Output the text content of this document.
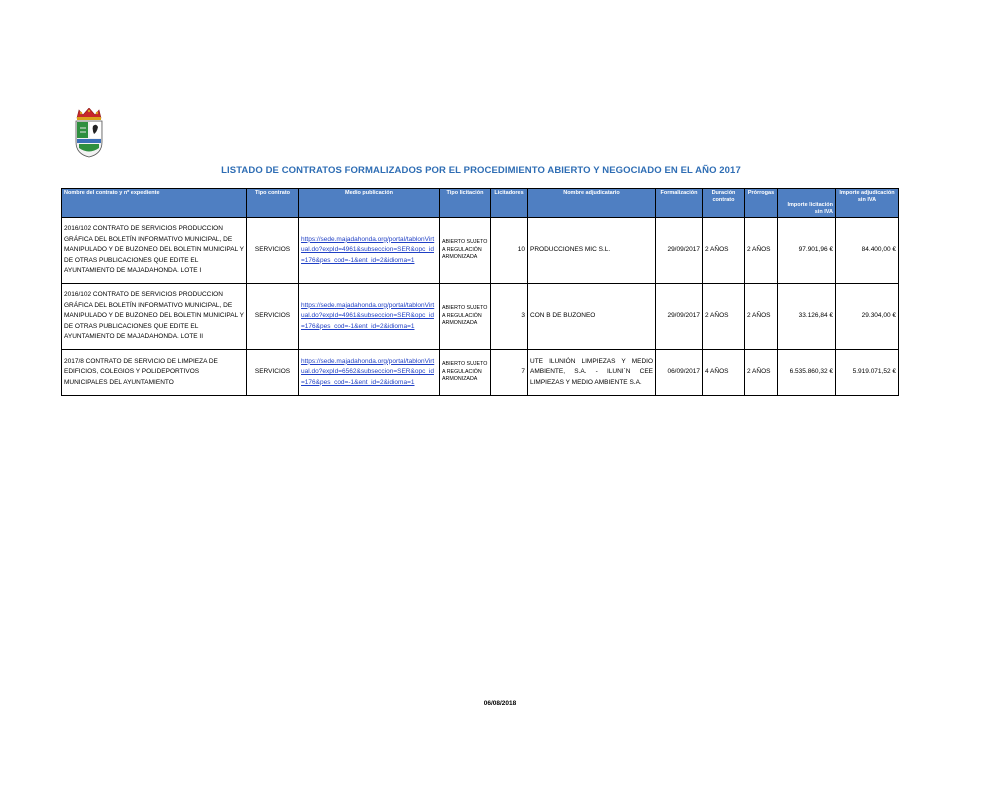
LISTADO DE CONTRATOS FORMALIZADOS POR EL PROCEDIMIENTO ABIERTO Y NEGOCIADO EN EL AÑO 2017
Nombre del contrato y nº expediente	Tipo contrato	Medio publicación	Tipo licitación	Licitadores	Nombre adjudicatario	Formalización	Duración contrato	Prórrogas	Importe licitación sin IVA	Importe adjudicación sin IVA
2016/102 CONTRATO DE SERVICIOS PRODUCCION GRÁFICA DEL BOLETÍN INFORMATIVO MUNICIPAL, DE MANIPULADO Y DE BUZONEO DEL BOLETIN MUNICIPAL Y DE OTRAS PUBLICACIONES QUE EDITE EL AYUNTAMIENTO DE MAJADAHONDA. LOTE I	SERVICIOS	https://sede.majadahonda.org/portal/tablonVirtual.do?expId=4961&subseccion=SER&opc_id=176&pes_cod=-1&ent_id=2&idioma=1	ABIERTO SUJETO A REGULACIÓN ARMONIZADA	10	PRODUCCIONES MIC S.L.	29/09/2017	2 AÑOS	2 AÑOS	97.901,96 €	84.400,00 €
2016/102 CONTRATO DE SERVICIOS PRODUCCION GRÁFICA DEL BOLETÍN INFORMATIVO MUNICIPAL, DE MANIPULADO Y DE BUZONEO DEL BOLETIN MUNICIPAL Y DE OTRAS PUBLICACIONES QUE EDITE EL AYUNTAMIENTO DE MAJADAHONDA. LOTE II	SERVICIOS	https://sede.majadahonda.org/portal/tablonVirtual.do?expId=4961&subseccion=SER&opc_id=176&pes_cod=-1&ent_id=2&idioma=1	ABIERTO SUJETO A REGULACIÓN ARMONIZADA	3	CON B DE BUZONEO	29/09/2017	2 AÑOS	2 AÑOS	33.126,84 €	29.304,00 €
2017/8 CONTRATO DE SERVICIO DE LIMPIEZA DE EDIFICIOS, COLEGIOS Y POLIDEPORTIVOS MUNICIPALES DEL AYUNTAMIENTO	SERVICIOS	https://sede.majadahonda.org/portal/tablonVirtual.do?expId=6562&subseccion=SER&opc_id=176&pes_cod=-1&ent_id=2&idioma=1	ABIERTO SUJETO A REGULACIÓN ARMONIZADA	7	UTE ILUNIÓN LIMPIEZAS Y MEDIO AMBIENTE, S.A. - ILUNI´N CEE LIMPIEZAS Y MEDIO AMBIENTE S.A.	06/09/2017	4 AÑOS	2 AÑOS	6.535.860,32 €	5.919.071,52 €
06/08/2018
